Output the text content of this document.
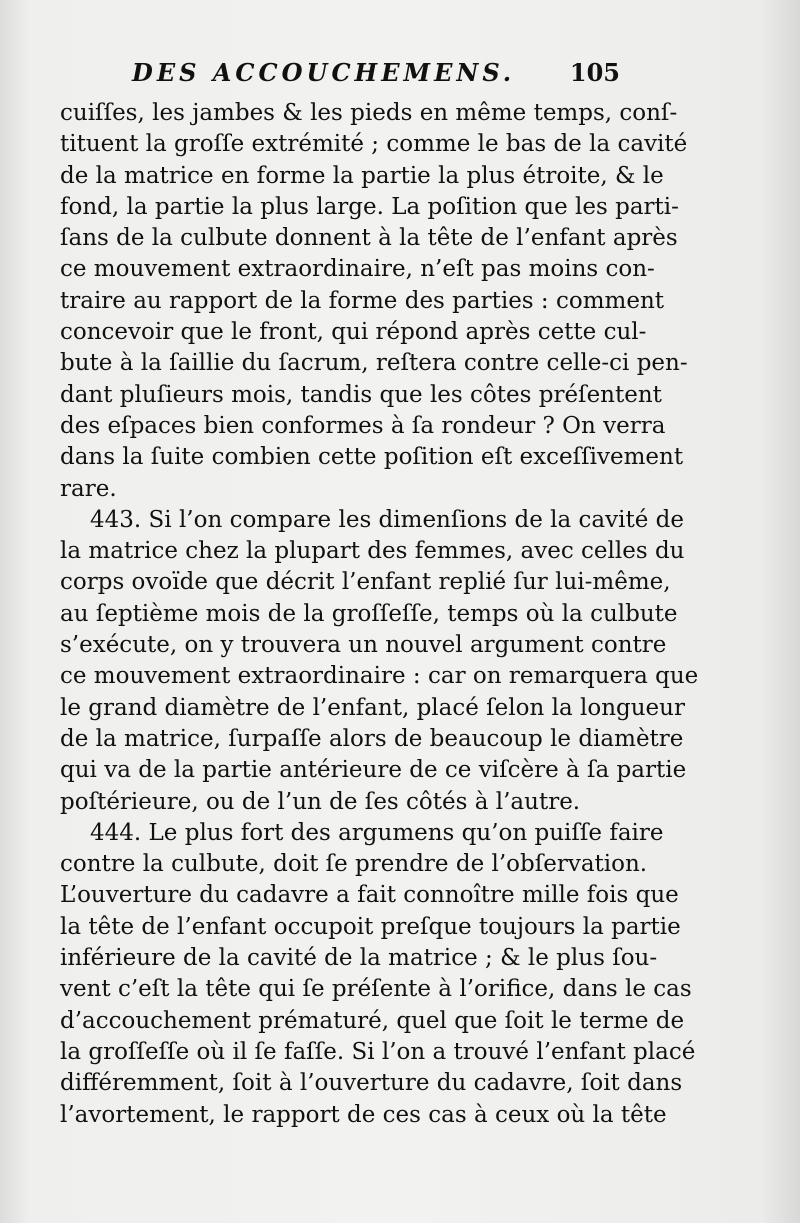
DES ACCOUCHEMENS. 105
cuiſſes, les jambes & les pieds en même temps, conſ-
tituent la groſſe extrémité ; comme le bas de la cavité
de la matrice en forme la partie la plus étroite, & le
fond, la partie la plus large. La poſition que les parti-
ſans de la culbute donnent à la tête de l’enfant après
ce mouvement extraordinaire, n’eſt pas moins con-
traire au rapport de la forme des parties : comment
concevoir que le front, qui répond après cette cul-
bute à la ſaillie du ſacrum, reſtera contre celle-ci pen-
dant pluſieurs mois, tandis que les côtes préſentent
des eſpaces bien conformes à ſa rondeur ? On verra
dans la ſuite combien cette poſition eſt exceſſivement
rare.
443. Si l’on compare les dimenſions de la cavité de
la matrice chez la plupart des femmes, avec celles du
corps ovoïde que décrit l’enfant replié ſur lui-même,
au ſeptième mois de la groſſeſſe, temps où la culbute
s’exécute, on y trouvera un nouvel argument contre
ce mouvement extraordinaire : car on remarquera que
le grand diamètre de l’enfant, placé ſelon la longueur
de la matrice, ſurpaſſe alors de beaucoup le diamètre
qui va de la partie antérieure de ce viſcère à ſa partie
poſtérieure, ou de l’un de ſes côtés à l’autre.
444. Le plus fort des argumens qu’on puiſſe faire
contre la culbute, doit ſe prendre de l’obſervation.
L’ouverture du cadavre a fait connoître mille fois que
la tête de l’enfant occupoit preſque toujours la partie
inférieure de la cavité de la matrice ; & le plus ſou-
vent c’eſt la tête qui ſe préſente à l’orifice, dans le cas
d’accouchement prématuré, quel que ſoit le terme de
la groſſeſſe où il ſe faſſe. Si l’on a trouvé l’enfant placé
différemment, ſoit à l’ouverture du cadavre, ſoit dans
l’avortement, le rapport de ces cas à ceux où la tête
